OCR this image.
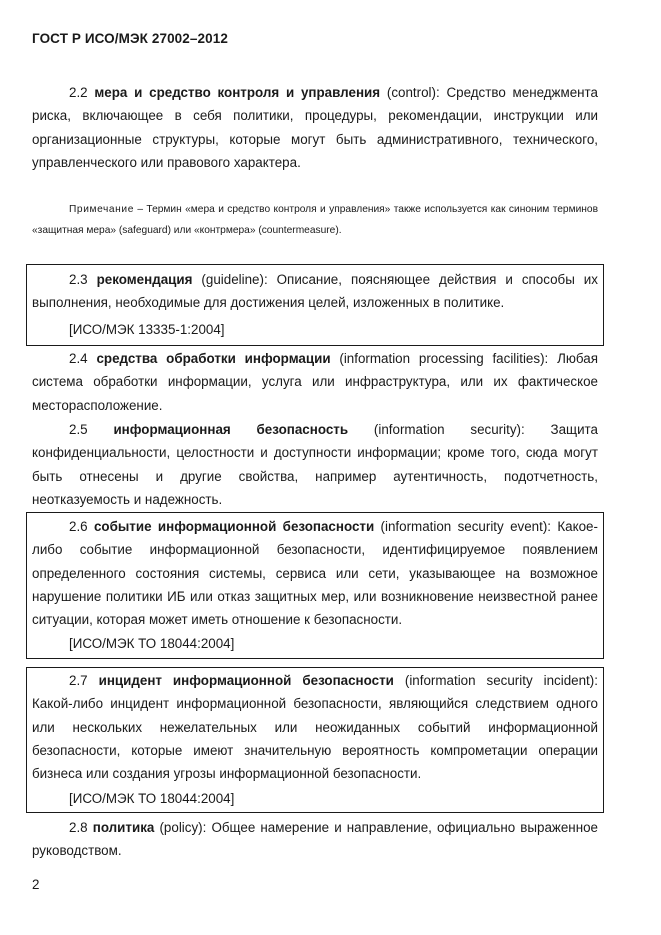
ГОСТ Р ИСО/МЭК 27002–2012
2.2 мера и средство контроля и управления (control): Средство менеджмента риска, включающее в себя политики, процедуры, рекомендации, инструкции или организационные структуры, которые могут быть административного, технического, управленческого или правового характера.
Примечание – Термин «мера и средство контроля и управления» также используется как синоним терминов «защитная мера» (safeguard) или «контрмера» (countermeasure).
2.3 рекомендация (guideline): Описание, поясняющее действия и способы их выполнения, необходимые для достижения целей, изложенных в политике.
[ИСО/МЭК 13335-1:2004]
2.4 средства обработки информации (information processing facilities): Любая система обработки информации, услуга или инфраструктура, или их фактическое месторасположение.
2.5 информационная безопасность (information security): Защита конфиденциальности, целостности и доступности информации; кроме того, сюда могут быть отнесены и другие свойства, например аутентичность, подотчетность, неотказуемость и надежность.
2.6 событие информационной безопасности (information security event): Какое-либо событие информационной безопасности, идентифицируемое появлением определенного состояния системы, сервиса или сети, указывающее на возможное нарушение политики ИБ или отказ защитных мер, или возникновение неизвестной ранее ситуации, которая может иметь отношение к безопасности.
[ИСО/МЭК ТО 18044:2004]
2.7 инцидент информационной безопасности (information security incident): Какой-либо инцидент информационной безопасности, являющийся следствием одного или нескольких нежелательных или неожиданных событий информационной безопасности, которые имеют значительную вероятность компрометации операции бизнеса или создания угрозы информационной безопасности.
[ИСО/МЭК ТО 18044:2004]
2.8 политика (policy): Общее намерение и направление, официально выраженное руководством.
2
